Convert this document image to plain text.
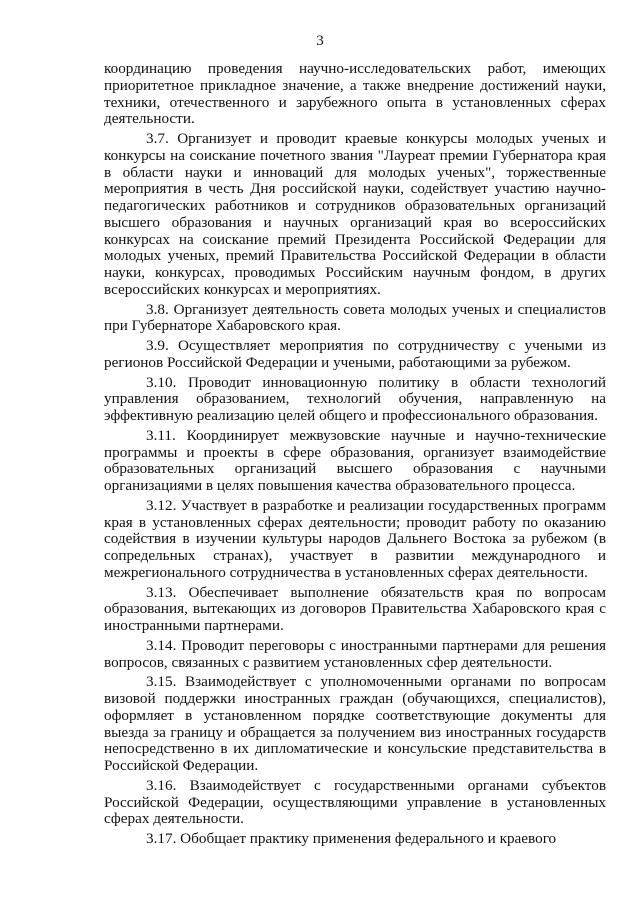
3

координацию проведения научно-исследовательских работ, имеющих приоритетное прикладное значение, а также внедрение достижений науки, техники, отечественного и зарубежного опыта в установленных сферах деятельности.

3.7. Организует и проводит краевые конкурсы молодых ученых и конкурсы на соискание почетного звания "Лауреат премии Губернатора края в области науки и инноваций для молодых ученых", торжественные мероприятия в честь Дня российской науки, содействует участию научно-педагогических работников и сотрудников образовательных организаций высшего образования и научных организаций края во всероссийских конкурсах на соискание премий Президента Российской Федерации для молодых ученых, премий Правительства Российской Федерации в области науки, конкурсах, проводимых Российским научным фондом, в других всероссийских конкурсах и мероприятиях.

3.8. Организует деятельность совета молодых ученых и специалистов при Губернаторе Хабаровского края.

3.9. Осуществляет мероприятия по сотрудничеству с учеными из регионов Российской Федерации и учеными, работающими за рубежом.

3.10. Проводит инновационную политику в области технологий управления образованием, технологий обучения, направленную на эффективную реализацию целей общего и профессионального образования.

3.11. Координирует межвузовские научные и научно-технические программы и проекты в сфере образования, организует взаимодействие образовательных организаций высшего образования с научными организациями в целях повышения качества образовательного процесса.

3.12. Участвует в разработке и реализации государственных программ края в установленных сферах деятельности; проводит работу по оказанию содействия в изучении культуры народов Дальнего Востока за рубежом (в сопредельных странах), участвует в развитии международного и межрегионального сотрудничества в установленных сферах деятельности.

3.13. Обеспечивает выполнение обязательств края по вопросам образования, вытекающих из договоров Правительства Хабаровского края с иностранными партнерами.

3.14. Проводит переговоры с иностранными партнерами для решения вопросов, связанных с развитием установленных сфер деятельности.

3.15. Взаимодействует с уполномоченными органами по вопросам визовой поддержки иностранных граждан (обучающихся, специалистов), оформляет в установленном порядке соответствующие документы для выезда за границу и обращается за получением виз иностранных государств непосредственно в их дипломатические и консульские представительства в Российской Федерации.

3.16. Взаимодействует с государственными органами субъектов Российской Федерации, осуществляющими управление в установленных сферах деятельности.

3.17. Обобщает практику применения федерального и краевого
